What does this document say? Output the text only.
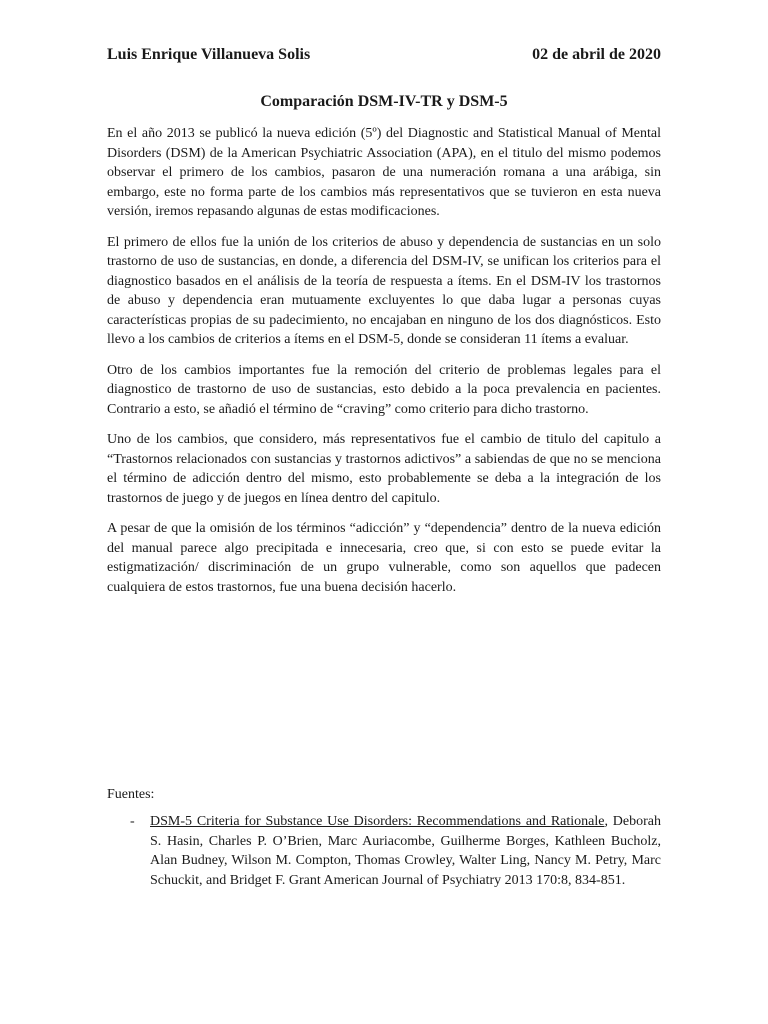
Luis Enrique Villanueva Solis	02 de abril de 2020
Comparación DSM-IV-TR y DSM-5

En el año 2013 se publicó la nueva edición (5º) del Diagnostic and Statistical Manual of Mental Disorders (DSM) de la American Psychiatric Association (APA), en el titulo del mismo podemos observar el primero de los cambios, pasaron de una numeración romana a una arábiga, sin embargo, este no forma parte de los cambios más representativos que se tuvieron en esta nueva versión, iremos repasando algunas de estas modificaciones.

El primero de ellos fue la unión de los criterios de abuso y dependencia de sustancias en un solo trastorno de uso de sustancias, en donde, a diferencia del DSM-IV, se unifican los criterios para el diagnostico basados en el análisis de la teoría de respuesta a ítems. En el DSM-IV los trastornos de abuso y dependencia eran mutuamente excluyentes lo que daba lugar a personas cuyas características propias de su padecimiento, no encajaban en ninguno de los dos diagnósticos. Esto llevo a los cambios de criterios a ítems en el DSM-5, donde se consideran 11 ítems a evaluar.

Otro de los cambios importantes fue la remoción del criterio de problemas legales para el diagnostico de trastorno de uso de sustancias, esto debido a la poca prevalencia en pacientes. Contrario a esto, se añadió el término de “craving” como criterio para dicho trastorno.

Uno de los cambios, que considero, más representativos fue el cambio de titulo del capitulo a “Trastornos relacionados con sustancias y trastornos adictivos” a sabiendas de que no se menciona el término de adicción dentro del mismo, esto probablemente se deba a la integración de los trastornos de juego y de juegos en línea dentro del capitulo.

A pesar de que la omisión de los términos “adicción” y “dependencia” dentro de la nueva edición del manual parece algo precipitada e innecesaria, creo que, si con esto se puede evitar la estigmatización/ discriminación de un grupo vulnerable, como son aquellos que padecen cualquiera de estos trastornos, fue una buena decisión hacerlo.

Fuentes:
-	DSM-5 Criteria for Substance Use Disorders: Recommendations and Rationale, Deborah S. Hasin, Charles P. O’Brien, Marc Auriacombe, Guilherme Borges, Kathleen Bucholz, Alan Budney, Wilson M. Compton, Thomas Crowley, Walter Ling, Nancy M. Petry, Marc Schuckit, and Bridget F. Grant American Journal of Psychiatry 2013 170:8, 834-851.
